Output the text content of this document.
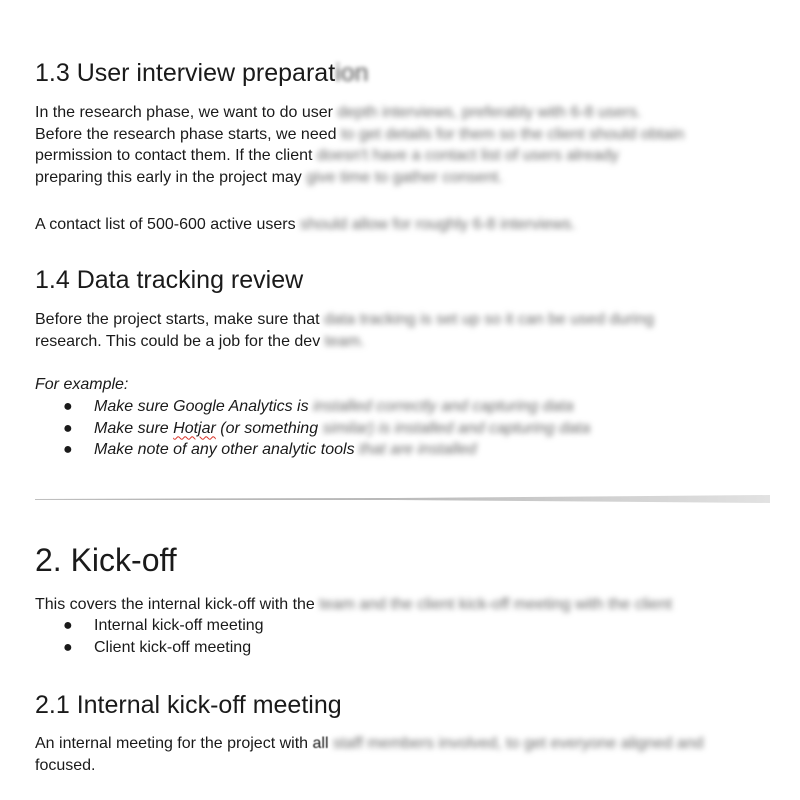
1.3 User interview preparation
In the research phase, we want to do user depth interviews, preferably with 6-8 users.
Before the research phase starts, we need to get details for them so the client should obtain
permission to contact them. If the client doesn't have a contact list of users already
preparing this early in the project may give time to gather consent.
A contact list of 500-600 active users should allow for roughly 6-8 interviews.
1.4 Data tracking review
Before the project starts, make sure that data tracking is set up so it can be used during
research. This could be a job for the dev team.
For example:
● Make sure Google Analytics is installed correctly and capturing data
● Make sure Hotjar (or something similar) is installed and capturing data
● Make note of any other analytic tools that are installed
2. Kick-off
This covers the internal kick-off with the team and the client kick-off meeting with the client
● Internal kick-off meeting
● Client kick-off meeting
2.1 Internal kick-off meeting
An internal meeting for the project with all staff members involved, to get everyone aligned and
focused.
